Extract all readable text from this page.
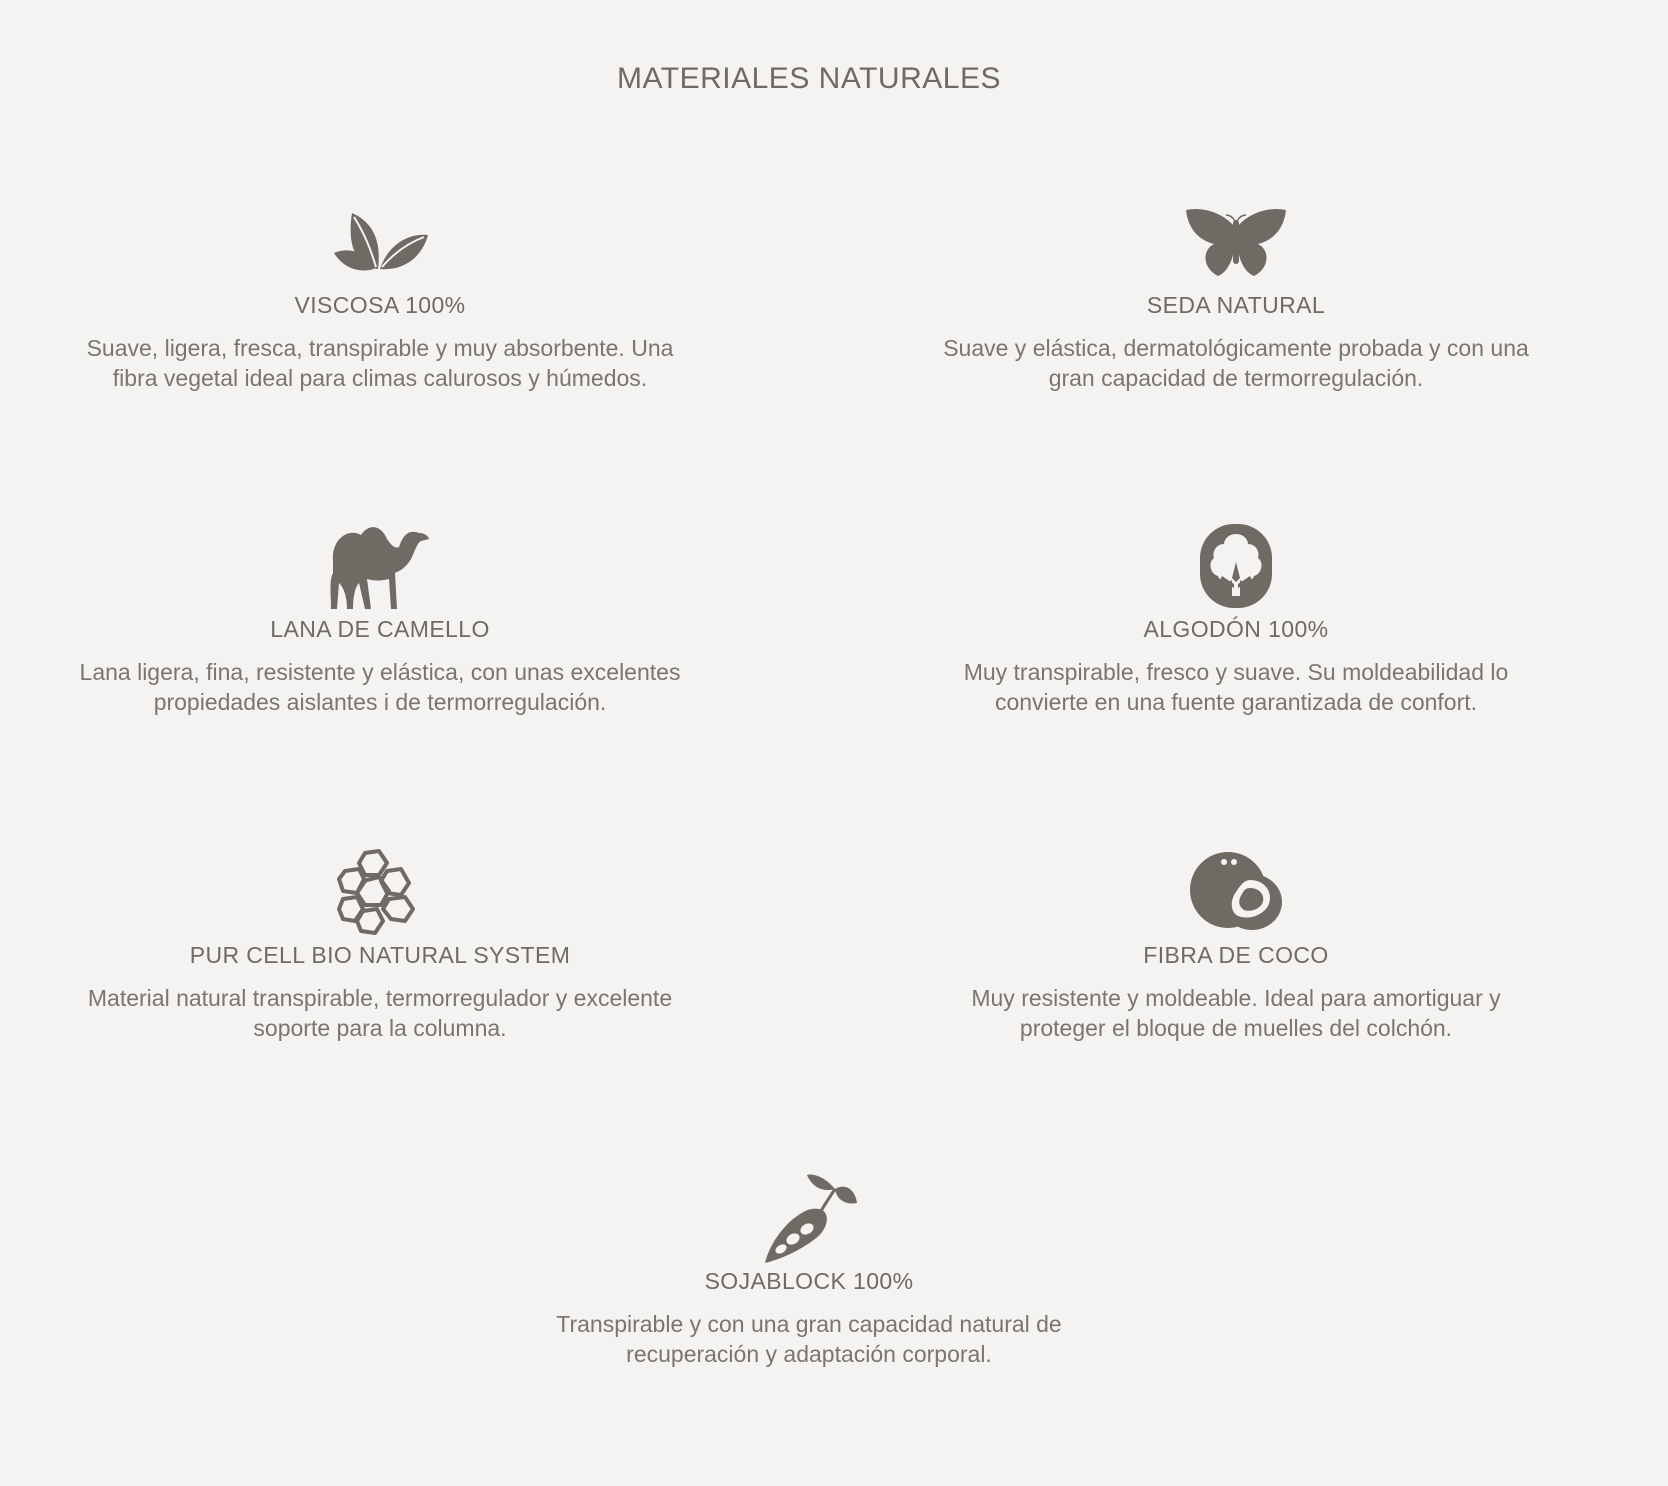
MATERIALES NATURALES
VISCOSA 100%
Suave, ligera, fresca, transpirable y muy absorbente. Una
fibra vegetal ideal para climas calurosos y húmedos.
SEDA NATURAL
Suave y elástica, dermatológicamente probada y con una
gran capacidad de termorregulación.
LANA DE CAMELLO
Lana ligera, fina, resistente y elástica, con unas excelentes
propiedades aislantes i de termorregulación.
ALGODÓN 100%
Muy transpirable, fresco y suave. Su moldeabilidad lo
convierte en una fuente garantizada de confort.
PUR CELL BIO NATURAL SYSTEM
Material natural transpirable, termorregulador y excelente
soporte para la columna.
FIBRA DE COCO
Muy resistente y moldeable. Ideal para amortiguar y
proteger el bloque de muelles del colchón.
SOJABLOCK 100%
Transpirable y con una gran capacidad natural de
recuperación y adaptación corporal.
